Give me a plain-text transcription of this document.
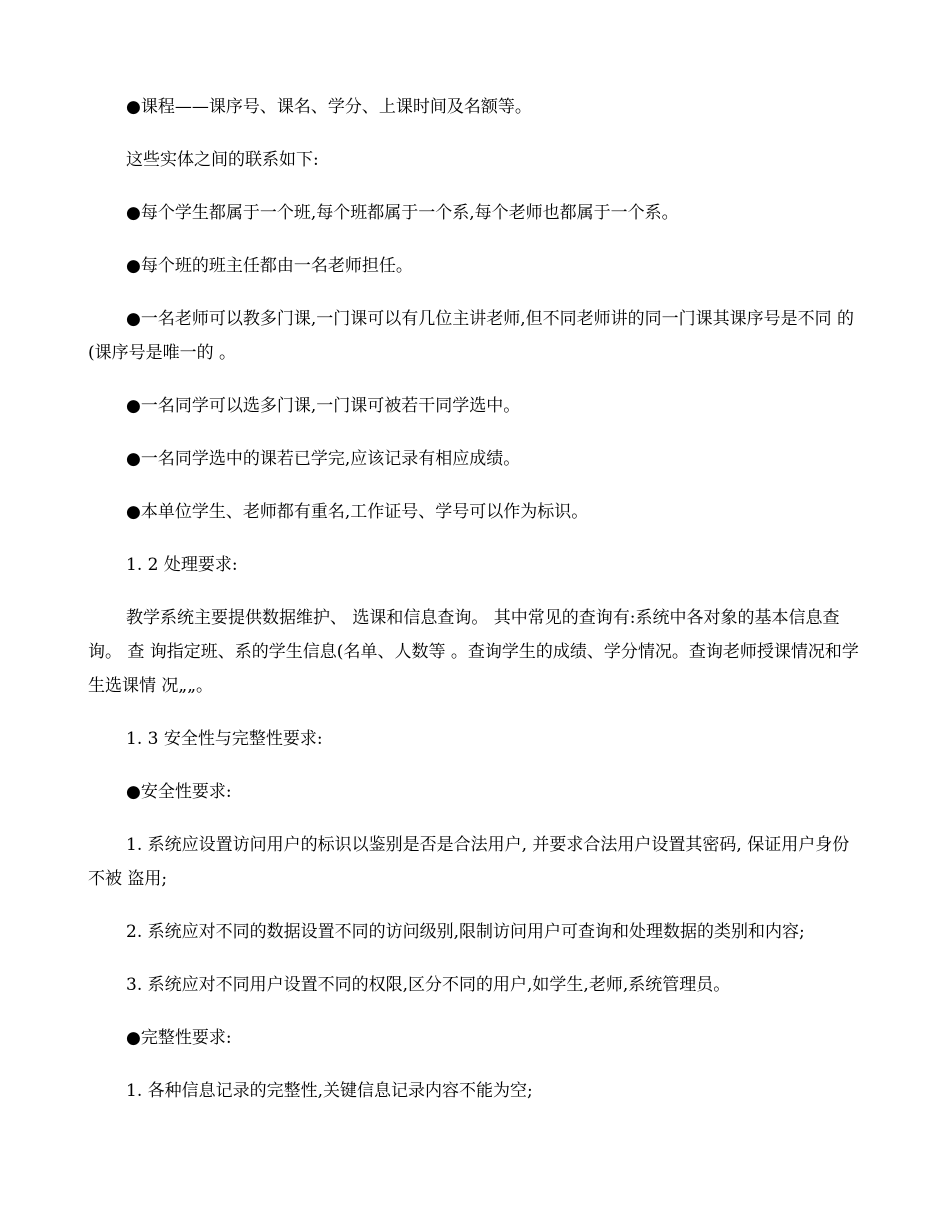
●课程——课序号、课名、学分、上课时间及名额等。

这些实体之间的联系如下:

●每个学生都属于一个班,每个班都属于一个系,每个老师也都属于一个系。

●每个班的班主任都由一名老师担任。

●一名老师可以教多门课,一门课可以有几位主讲老师,但不同老师讲的同一门课其课序号是不同 的(课序号是唯一的 。

●一名同学可以选多门课,一门课可被若干同学选中。

●一名同学选中的课若已学完,应该记录有相应成绩。

●本单位学生、老师都有重名,工作证号、学号可以作为标识。

1. 2 处理要求:

教学系统主要提供数据维护、 选课和信息查询。 其中常见的查询有:系统中各对象的基本信息查询。 查 询指定班、系的学生信息(名单、人数等 。查询学生的成绩、学分情况。查询老师授课情况和学生选课情 况„„。

1. 3 安全性与完整性要求:

●安全性要求:

1. 系统应设置访问用户的标识以鉴别是否是合法用户, 并要求合法用户设置其密码, 保证用户身份不被 盗用;

2. 系统应对不同的数据设置不同的访问级别,限制访问用户可查询和处理数据的类别和内容;

3. 系统应对不同用户设置不同的权限,区分不同的用户,如学生,老师,系统管理员。

●完整性要求:

1. 各种信息记录的完整性,关键信息记录内容不能为空;
